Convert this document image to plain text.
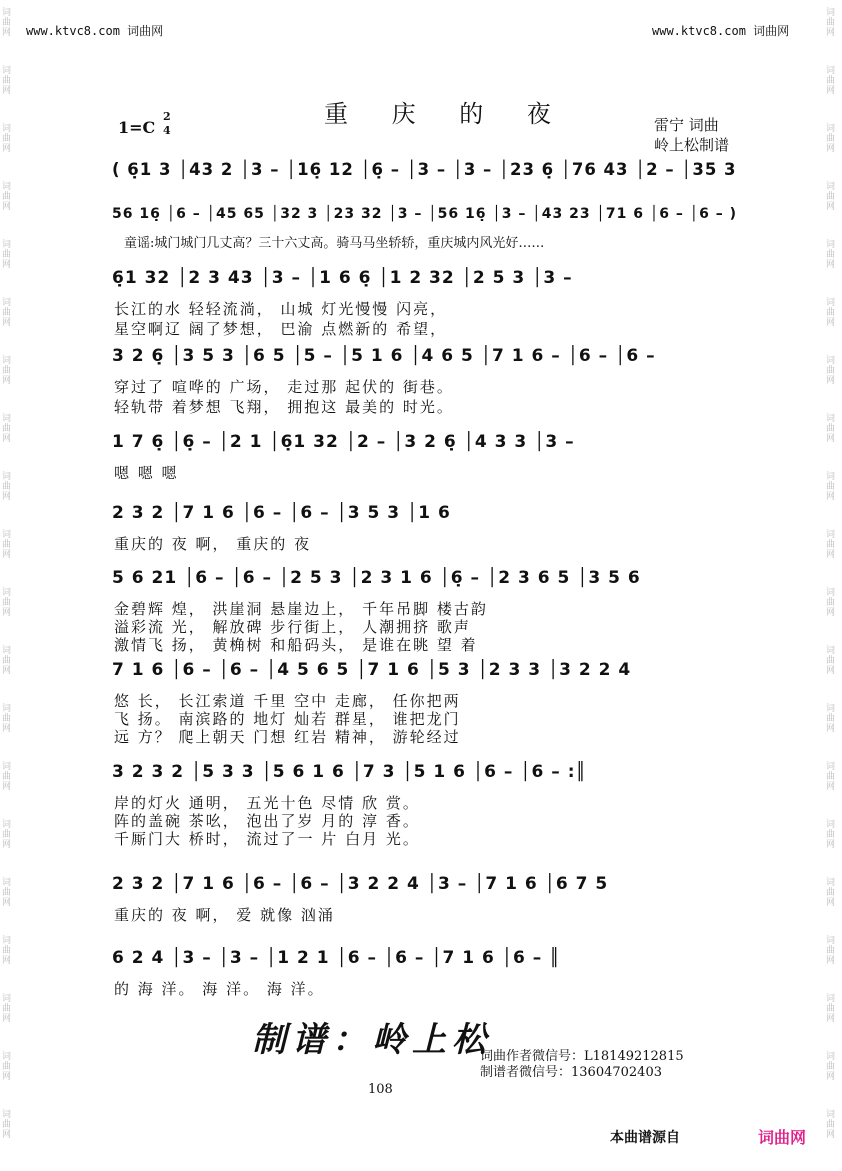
词曲网
词曲网
词曲网
词曲网
词曲网
词曲网
词曲网
词曲网
词曲网
词曲网
词曲网
词曲网
词曲网
词曲网
词曲网
词曲网
词曲网
词曲网
词曲网
词曲网
词曲网
词曲网
词曲网
词曲网
词曲网
词曲网
词曲网
词曲网
词曲网
词曲网
词曲网
词曲网
词曲网
词曲网
词曲网
词曲网
词曲网
词曲网
词曲网
词曲网
www.ktvc8.com 词曲网	www.ktvc8.com 词曲网
重 庆 的 夜
1=C
2
4	雷宁 词曲
岭上松制谱
( 6̣1 3 │43 2 │3 – │16̣ 12 │6̣ – │3 – │3 – │23 6̣ │76 43 │2 – │35 3
56 16̣ │6 – │45 65 │32 3 │23 32 │3 – │56 16̣ │3 – │43 23 │71 6 │6 – │6 – )
6̣1 32 │2 3 43 │3 – │1 6 6̣ │1 2 32 │2 5 3 │3 –
长江的水 轻轻流淌， 山城 灯光慢慢 闪亮，
星空啊辽 阔了梦想， 巴渝 点燃新的 希望，
3 2 6̣ │3 5 3 │6 5 │5 – │5 1 6 │4 6 5 │7 1 6 – │6 – │6 –
穿过了 喧哗的 广场， 走过那 起伏的 街巷。
轻轨带 着梦想 飞翔， 拥抱这 最美的 时光。
1 7 6̣ │6̣ – │2 1 │6̣1 32 │2 – │3 2 6̣ │4 3 3 │3 –
嗯 嗯 嗯
2 3 2 │7 1 6 │6 – │6 – │3 5 3 │1 6
重庆的 夜 啊， 重庆的 夜
5 6 21 │6 – │6 – │2 5 3 │2 3 1 6 │6̣ – │2 3 6 5 │3 5 6
金碧辉 煌， 洪崖洞 悬崖边上， 千年吊脚 楼古韵
溢彩流 光， 解放碑 步行街上， 人潮拥挤 歌声
激情飞 扬， 黄桷树 和船码头， 是谁在眺 望 着
7 1 6 │6 – │6 – │4 5 6 5 │7 1 6 │5 3 │2 3 3 │3 2 2 4
悠 长， 长江索道 千里 空中 走廊， 任你把两
飞 扬。 南滨路的 地灯 灿若 群星， 谁把龙门
远 方？ 爬上朝天 门想 红岩 精神， 游轮经过
3 2 3 2 │5 3 3 │5 6 1 6 │7 3 │5 1 6 │6 – │6 – :║
岸的灯火 通明， 五光十色 尽情 欣 赏。
阵的盖碗 茶吆， 泡出了岁 月的 淳 香。
千厮门大 桥时， 流过了一 片 白月 光。
2 3 2 │7 1 6 │6 – │6 – │3 2 2 4 │3 – │7 1 6 │6 7 5
重庆的 夜 啊， 爱 就像 汹涌
6 2 4 │3 – │3 – │1 2 1 │6 – │6 – │7 1 6 │6 – ║
的 海 洋。 海 洋。 海 洋。
童谣:城门城门几丈高？三十六丈高。骑马马坐轿轿，重庆城内风光好……
制谱：岭上松
词曲作者微信号：L18149212815
制谱者微信号：13604702403
108
本曲谱源自	词曲网
